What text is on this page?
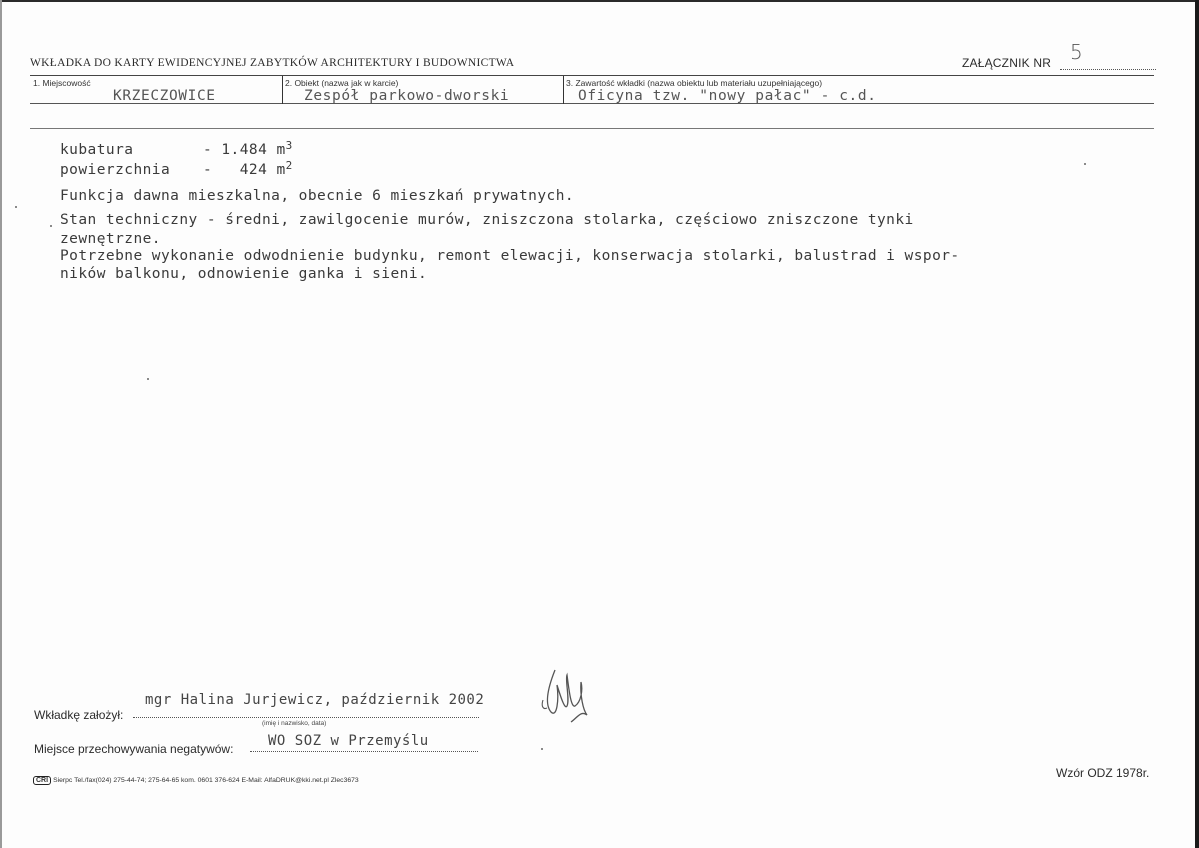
WKŁADKA DO KARTY EWIDENCYJNEJ ZABYTKÓW ARCHITEKTURY I BUDOWNICTWA	ZAŁĄCZNIK NR 5
1. Miejscowość
KRZECZOWICE
2. Obiekt (nazwa jak w karcie)
Zespół parkowo-dworski
3. Zawartość wkładki (nazwa obiektu lub materiału uzupełniającego)
Oficyna tzw. "nowy pałac" - c.d.
kubatura	- 1.484 $m^3$
powierzchnia -   424 $m^2$
Funkcja dawna mieszkalna, obecnie 6 mieszkań prywatnych.
Stan techniczny - średni, zawilgocenie murów, zniszczona stolarka, częściowo zniszczone tynki
zewnętrzne.
Potrzebne wykonanie odwodnienie budynku, remont elewacji, konserwacja stolarki, balustrad i wspor-
ników balkonu, odnowienie ganka i sieni.
Wkładkę założył:
mgr Halina Jurjewicz, październik 2002
(imię i nazwisko, data)
Miejsce przechowywania negatywów: WO SOZ w Przemyślu
CRI Sierpc Tel./fax(024) 275-44-74; 275-64-65 kom. 0601 376-624 E-Mail: AlfaDRUK@kki.net.pl Zlec3673
Wzór ODZ 1978r.
